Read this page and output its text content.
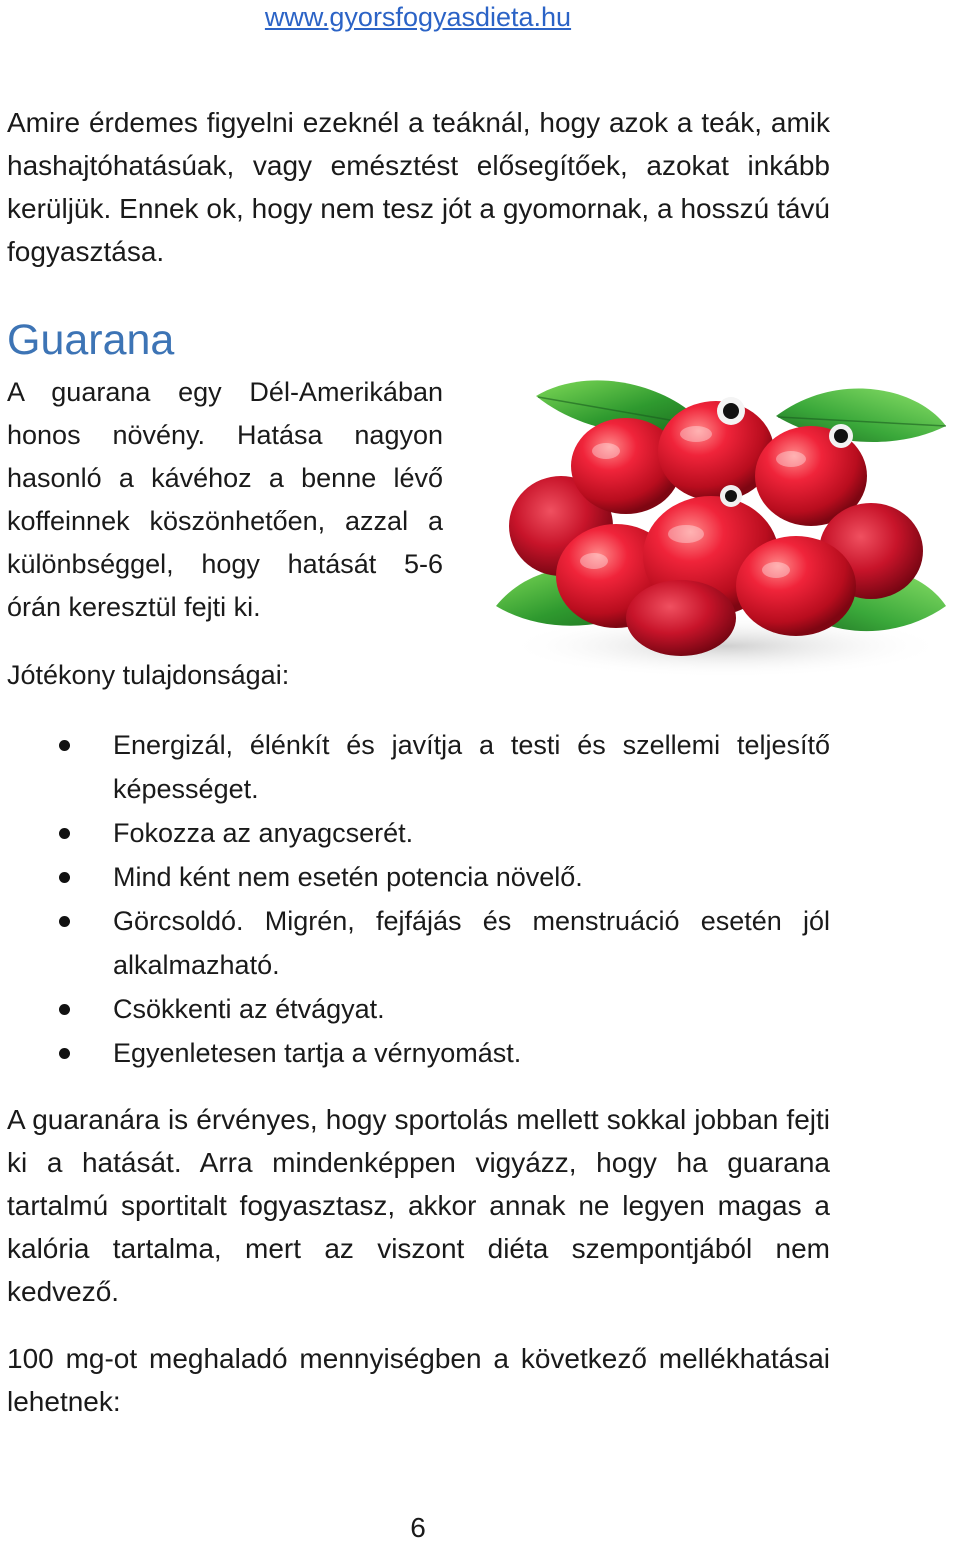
www.gyorsfogyasdieta.hu

Amire érdemes figyelni ezeknél a teáknál, hogy azok a teák, amik hashajtóhatásúak, vagy emésztést elősegítőek, azokat inkább kerüljük. Ennek ok, hogy nem tesz jót a gyomornak, a hosszú távú fogyasztása.

Guarana

A guarana egy Dél-Amerikában honos növény. Hatása nagyon hasonló a kávéhoz a benne lévő koffeinnek köszönhetően, azzal a különbséggel, hogy hatását 5-6 órán keresztül fejti ki.

Jótékony tulajdonságai:

Energizál, élénkít és javítja a testi és szellemi teljesítő képességet.
Fokozza az anyagcserét.
Mind ként nem esetén potencia növelő.
Görcsoldó. Migrén, fejfájás és menstruáció esetén jól alkalmazható.
Csökkenti az étvágyat.
Egyenletesen tartja a vérnyomást.

A guaranára is érvényes, hogy sportolás mellett sokkal jobban fejti ki a hatását. Arra mindenképpen vigyázz, hogy ha guarana tartalmú sportitalt fogyasztasz, akkor annak ne legyen magas a kalória tartalma, mert az viszont diéta szempontjából nem kedvező.

100 mg-ot meghaladó mennyiségben a következő mellékhatásai lehetnek:

6
